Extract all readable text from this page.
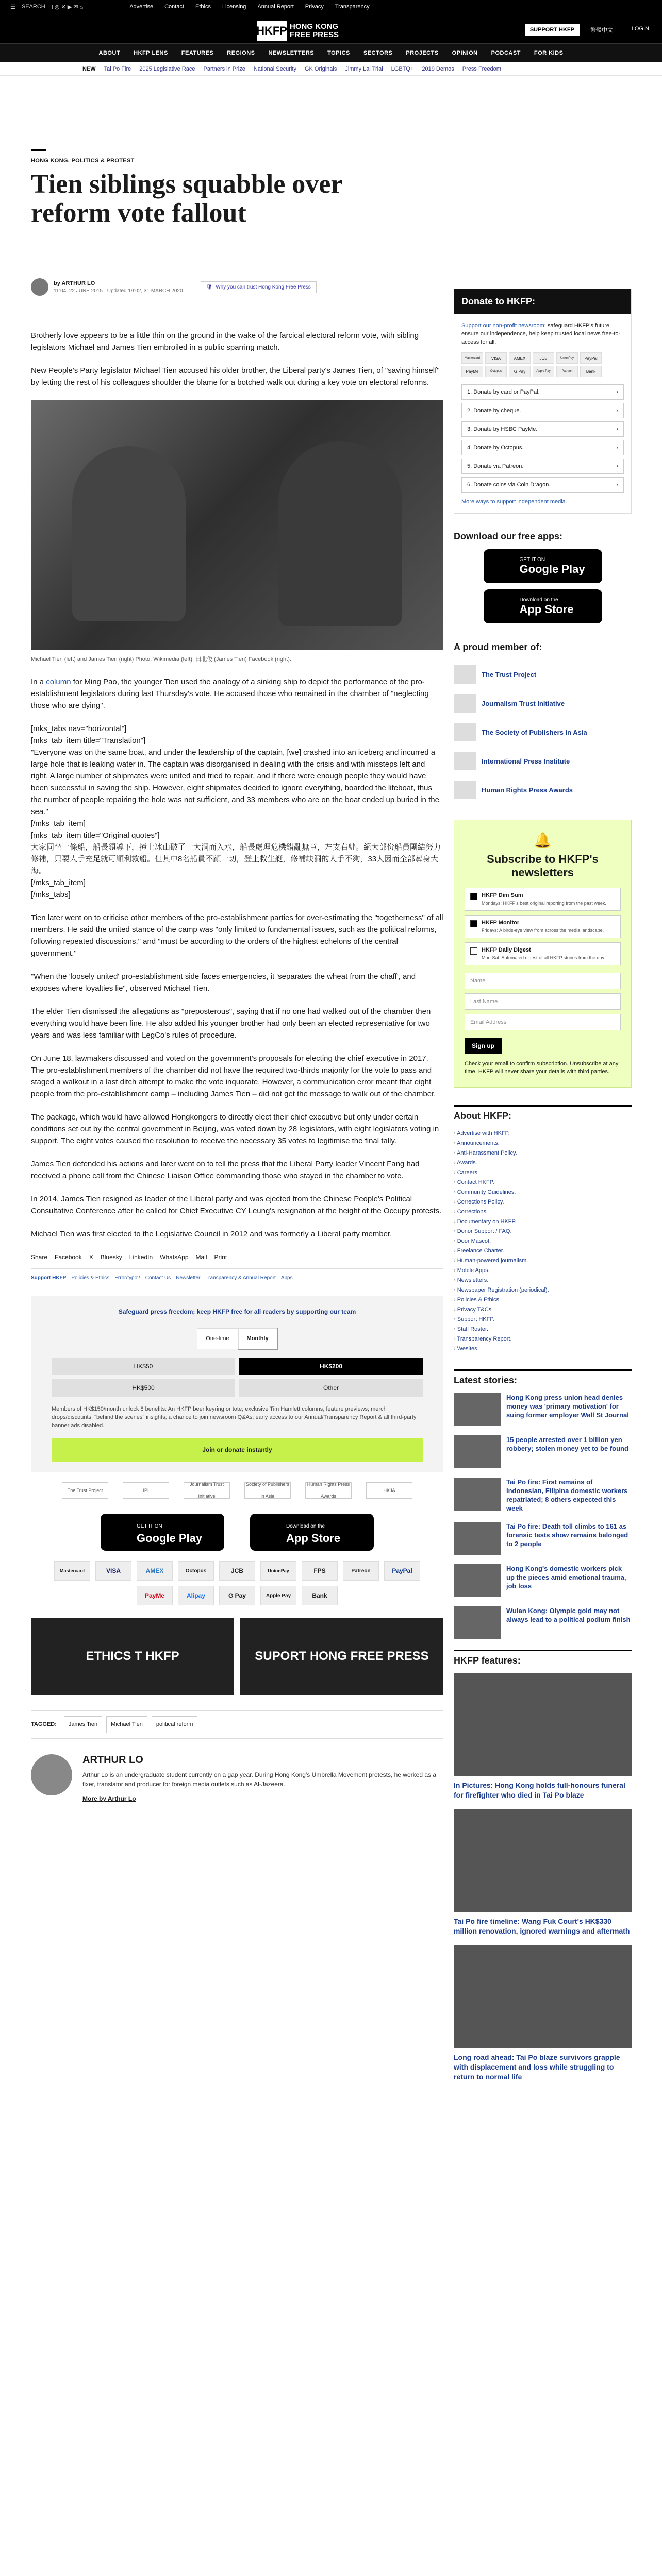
☰ SEARCH f ◎ ✕ ▶ ✉ ⌂	Advertise Contact Ethics Licensing Annual Report Privacy Transparency
HKFP HONG KONG FREE PRESS
SUPPORT HKFP	繁體中文	LOGIN
ABOUT HKFP LENS FEATURES REGIONS NEWSLETTERS TOPICS SECTORS PROJECTS OPINION PODCAST FOR KIDS
NEW Tai Po Fire 2025 Legislative Race Partners in Prize National Security GK Originals Jimmy Lai Trial LGBTQ+ 2019 Demos Press Freedom
HONG KONG, POLITICS & PROTEST
Tien siblings squabble over reform vote fallout
by ARTHUR LO
11:04, 22 JUNE 2015 · Updated 19:02, 31 MARCH 2020
🛡 Why you can trust Hong Kong Free Press

Brotherly love appears to be a little thin on the ground in the wake of the farcical electoral reform vote, with sibling legislators Michael and James Tien embroiled in a public sparring match.

New People's Party legislator Michael Tien accused his older brother, the Liberal party's James Tien, of "saving himself" by letting the rest of his colleagues shoulder the blame for a botched walk out during a key vote on electoral reforms.

Michael Tien (left) and James Tien (right) Photo: Wikimedia (left), 田北俊 (James Tien) Facebook (right).

In a column for Ming Pao, the younger Tien used the analogy of a sinking ship to depict the performance of the pro-establishment legislators during last Thursday's vote. He accused those who remained in the chamber of "neglecting those who are dying".

[mks_tabs nav="horizontal"]
[mks_tab_item title="Translation"]

"Everyone was on the same boat, and under the leadership of the captain, [we] crashed into an iceberg and incurred a large hole that is leaking water in. The captain was disorganised in dealing with the crisis and with missteps left and right. A large number of shipmates were united and tried to repair, and if there were enough people they would have been successful in saving the ship. However, eight shipmates decided to ignore everything, boarded the lifeboat, thus the number of people repairing the hole was not sufficient, and 33 members who are on the boat ended up buried in the sea."

[/mks_tab_item]
[mks_tab_item title="Original quotes"]

大家同坐一條船，船長領導下，撞上冰山破了一大洞而入水，船長處理危機錯亂無章，左支右絀。絕大部份船員團結努力修補，只要人手充足就可順利救船。但其中8名船員不顧一切，登上救生艇，修補缺洞的人手不夠，33人因而全部葬身大海。

[/mks_tab_item]
[/mks_tabs]

Tien later went on to criticise other members of the pro-establishment parties for over-estimating the "togetherness" of all members. He said the united stance of the camp was "only limited to fundamental issues, such as the political reforms, following repeated discussions," and "must be according to the orders of the highest echelons of the central government."

"When the 'loosely united' pro-establishment side faces emergencies, it 'separates the wheat from the chaff', and exposes where loyalties lie", observed Michael Tien.

The elder Tien dismissed the allegations as "preposterous", saying that if no one had walked out of the chamber then everything would have been fine. He also added his younger brother had only been an elected representative for two years and was less familiar with LegCo's rules of procedure.

On June 18, lawmakers discussed and voted on the government's proposals for electing the chief executive in 2017. The pro-establishment members of the chamber did not have the required two-thirds majority for the vote to pass and staged a walkout in a last ditch attempt to make the vote inquorate. However, a communication error meant that eight people from the pro-establishment camp – including James Tien – did not get the message to walk out of the chamber.

The package, which would have allowed Hongkongers to directly elect their chief executive but only under certain conditions set out by the central government in Beijing, was voted down by 28 legislators, with eight legislators voting in support. The eight votes caused the resolution to receive the necessary 35 votes to legitimise the final tally.

James Tien defended his actions and later went on to tell the press that the Liberal Party leader Vincent Fang had received a phone call from the Chinese Liaison Office commanding those who stayed in the chamber to vote.

In 2014, James Tien resigned as leader of the Liberal party and was ejected from the Chinese People's Political Consultative Conference after he called for Chief Executive CY Leung's resignation at the height of the Occupy protests.

Michael Tien was first elected to the Legislative Council in 2012 and was formerly a Liberal party member.

Share Facebook X Bluesky LinkedIn WhatsApp Mail Print
Support HKFP Policies & Ethics Error/typo? Contact Us Newsletter Transparency & Annual Report Apps
Safeguard press freedom; keep HKFP free for all readers by supporting our team
One-time	Monthly
HK$50	HK$200
HK$500	Other
Members of HK$150/month unlock 8 benefits: An HKFP beer keyring or tote; exclusive Tim Hamlett columns, feature previews; merch drops/discounts; "behind the scenes" insights; a chance to join newsroom Q&As; early access to our Annual/Transparency Report & all third-party banner ads disabled.
Join or donate instantly
The Trust Project	IPI
Journalism Trust Initiative
Society of Publishers in Asia
Human Rights Press Awards
HKJA
GET IT ON
Google Play
Download on the
App Store
Mastercard	VISA	AMEX	Octopus	JCB	UnionPay	FPS	Patreon	PayPal
PayMe	Alipay	G Pay	Apple Pay	Bank
ETHICS T HKFP	SUPORT HONG FREE PRESS
TAGGED:	James Tien	Michael Tien	political reform
ARTHUR LO

Arthur Lo is an undergraduate student currently on a gap year. During Hong Kong's Umbrella Movement protests, he worked as a fixer, translator and producer for foreign media outlets such as Al-Jazeera.

More by Arthur Lo
Donate to HKFP:

Support our non-profit newsroom: safeguard HKFP's future, ensure our independence, help keep trusted local news free-to-access for all.

Mastercard	VISA	AMEX	JCB	UnionPay	PayPal
PayMe	Octopus	G Pay	Apple Pay	Patreon	Bank
1. Donate by card or PayPal.	›
2. Donate by cheque.	›
3. Donate by HSBC PayMe.	›
4. Donate by Octopus.	›
5. Donate via Patreon.	›
6. Donate coins via Coin Dragon.	›

More ways to support independent media.

Download our free apps:
GET IT ON
Google Play
Download on the
App Store
A proud member of:
The Trust Project
Journalism Trust Initiative
The Society of Publishers in Asia
International Press Institute
Human Rights Press Awards
🔔
Subscribe to HKFP's newsletters
HKFP Dim Sum
Mondays: HKFP's best original reporting from the past week.
HKFP Monitor
Fridays: A birds-eye view from across the media landscape.
HKFP Daily Digest
Mon-Sat: Automated digest of all HKFP stories from the day.
Name
Last Name
Email Address
Sign up
Check your email to confirm subscription. Unsubscribe at any time. HKFP will never share your details with third parties.
About HKFP:
› Advertise with HKFP.
› Announcements.
› Anti-Harassment Policy.
› Awards.
› Careers.
› Contact HKFP.
› Community Guidelines.
› Corrections Policy.
› Corrections.
› Documentary on HKFP.
› Donor Support / FAQ.
› Door Mascot.
› Freelance Charter.
› Human-powered journalism.
› Mobile Apps.
› Newsletters.
› Newspaper Registration (periodical).
› Policies & Ethics.
› Privacy T&Cs.
› Support HKFP.
› Staff Roster.
› Transparency Report.
› Wesites
Latest stories:
Hong Kong press union head denies money was 'primary motivation' for suing former employer Wall St Journal
15 people arrested over 1 billion yen robbery; stolen money yet to be found
Tai Po fire: First remains of Indonesian, Filipina domestic workers repatriated; 8 others expected this week
Tai Po fire: Death toll climbs to 161 as forensic tests show remains belonged to 2 people
Hong Kong's domestic workers pick up the pieces amid emotional trauma, job loss
Wulan Kong: Olympic gold may not always lead to a political podium finish
HKFP features:
In Pictures: Hong Kong holds full-honours funeral for firefighter who died in Tai Po blaze
Tai Po fire timeline: Wang Fuk Court's HK$330 million renovation, ignored warnings and aftermath
Long road ahead: Tai Po blaze survivors grapple with displacement and loss while struggling to return to normal life
